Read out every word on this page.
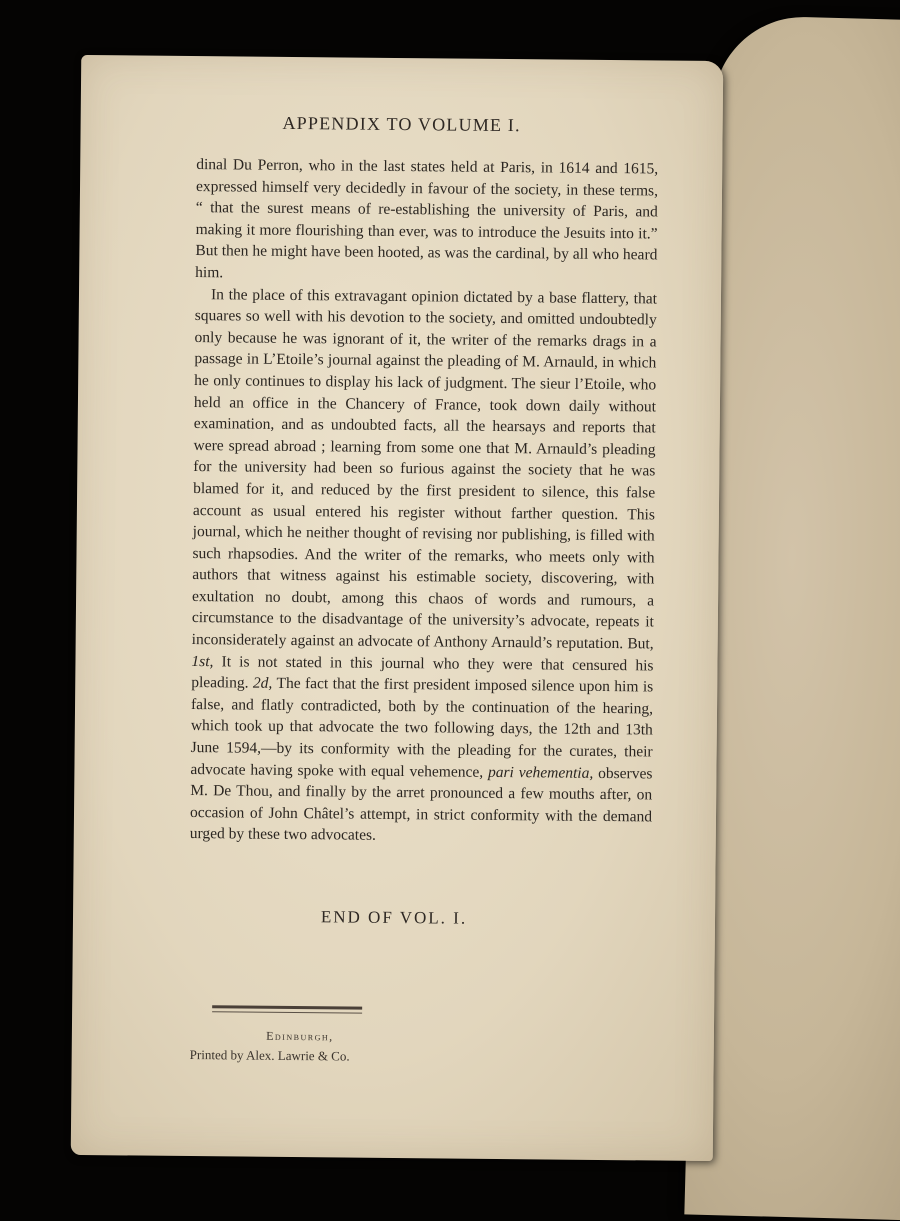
APPENDIX TO VOLUME I.

dinal Du Perron, who in the last states held at Paris, in 1614 and 1615, expressed himself very decidedly in favour of the society, in these terms, “ that the surest means of re-establishing the university of Paris, and making it more flourishing than ever, was to introduce the Jesuits into it.” But then he might have been hooted, as was the cardinal, by all who heard him.

In the place of this extravagant opinion dictated by a base flattery, that squares so well with his devotion to the society, and omitted undoubtedly only because he was ignorant of it, the writer of the remarks drags in a passage in L’Etoile’s journal against the pleading of M. Arnauld, in which he only continues to display his lack of judgment. The sieur l’Etoile, who held an office in the Chancery of France, took down daily without examination, and as undoubted facts, all the hearsays and reports that were spread abroad ; learning from some one that M. Arnauld’s pleading for the university had been so furious against the society that he was blamed for it, and reduced by the first president to silence, this false account as usual entered his register without farther question. This journal, which he neither thought of revising nor publishing, is filled with such rhapsodies. And the writer of the remarks, who meets only with authors that witness against his estimable society, discovering, with exultation no doubt, among this chaos of words and rumours, a circumstance to the disadvantage of the university’s advocate, repeats it inconsiderately against an advocate of Anthony Arnauld’s reputation. But, 1st, It is not stated in this journal who they were that censured his pleading. 2d, The fact that the first president imposed silence upon him is false, and flatly contradicted, both by the continuation of the hearing, which took up that advocate the two following days, the 12th and 13th June 1594,—by its conformity with the pleading for the curates, their advocate having spoke with equal vehemence, pari vehementia, observes M. De Thou, and finally by the arret pronounced a few mouths after, on occasion of John Châtel’s attempt, in strict conformity with the demand urged by these two advocates.

END OF VOL. I.
Edinburgh,
Printed by Alex. Lawrie & Co.
